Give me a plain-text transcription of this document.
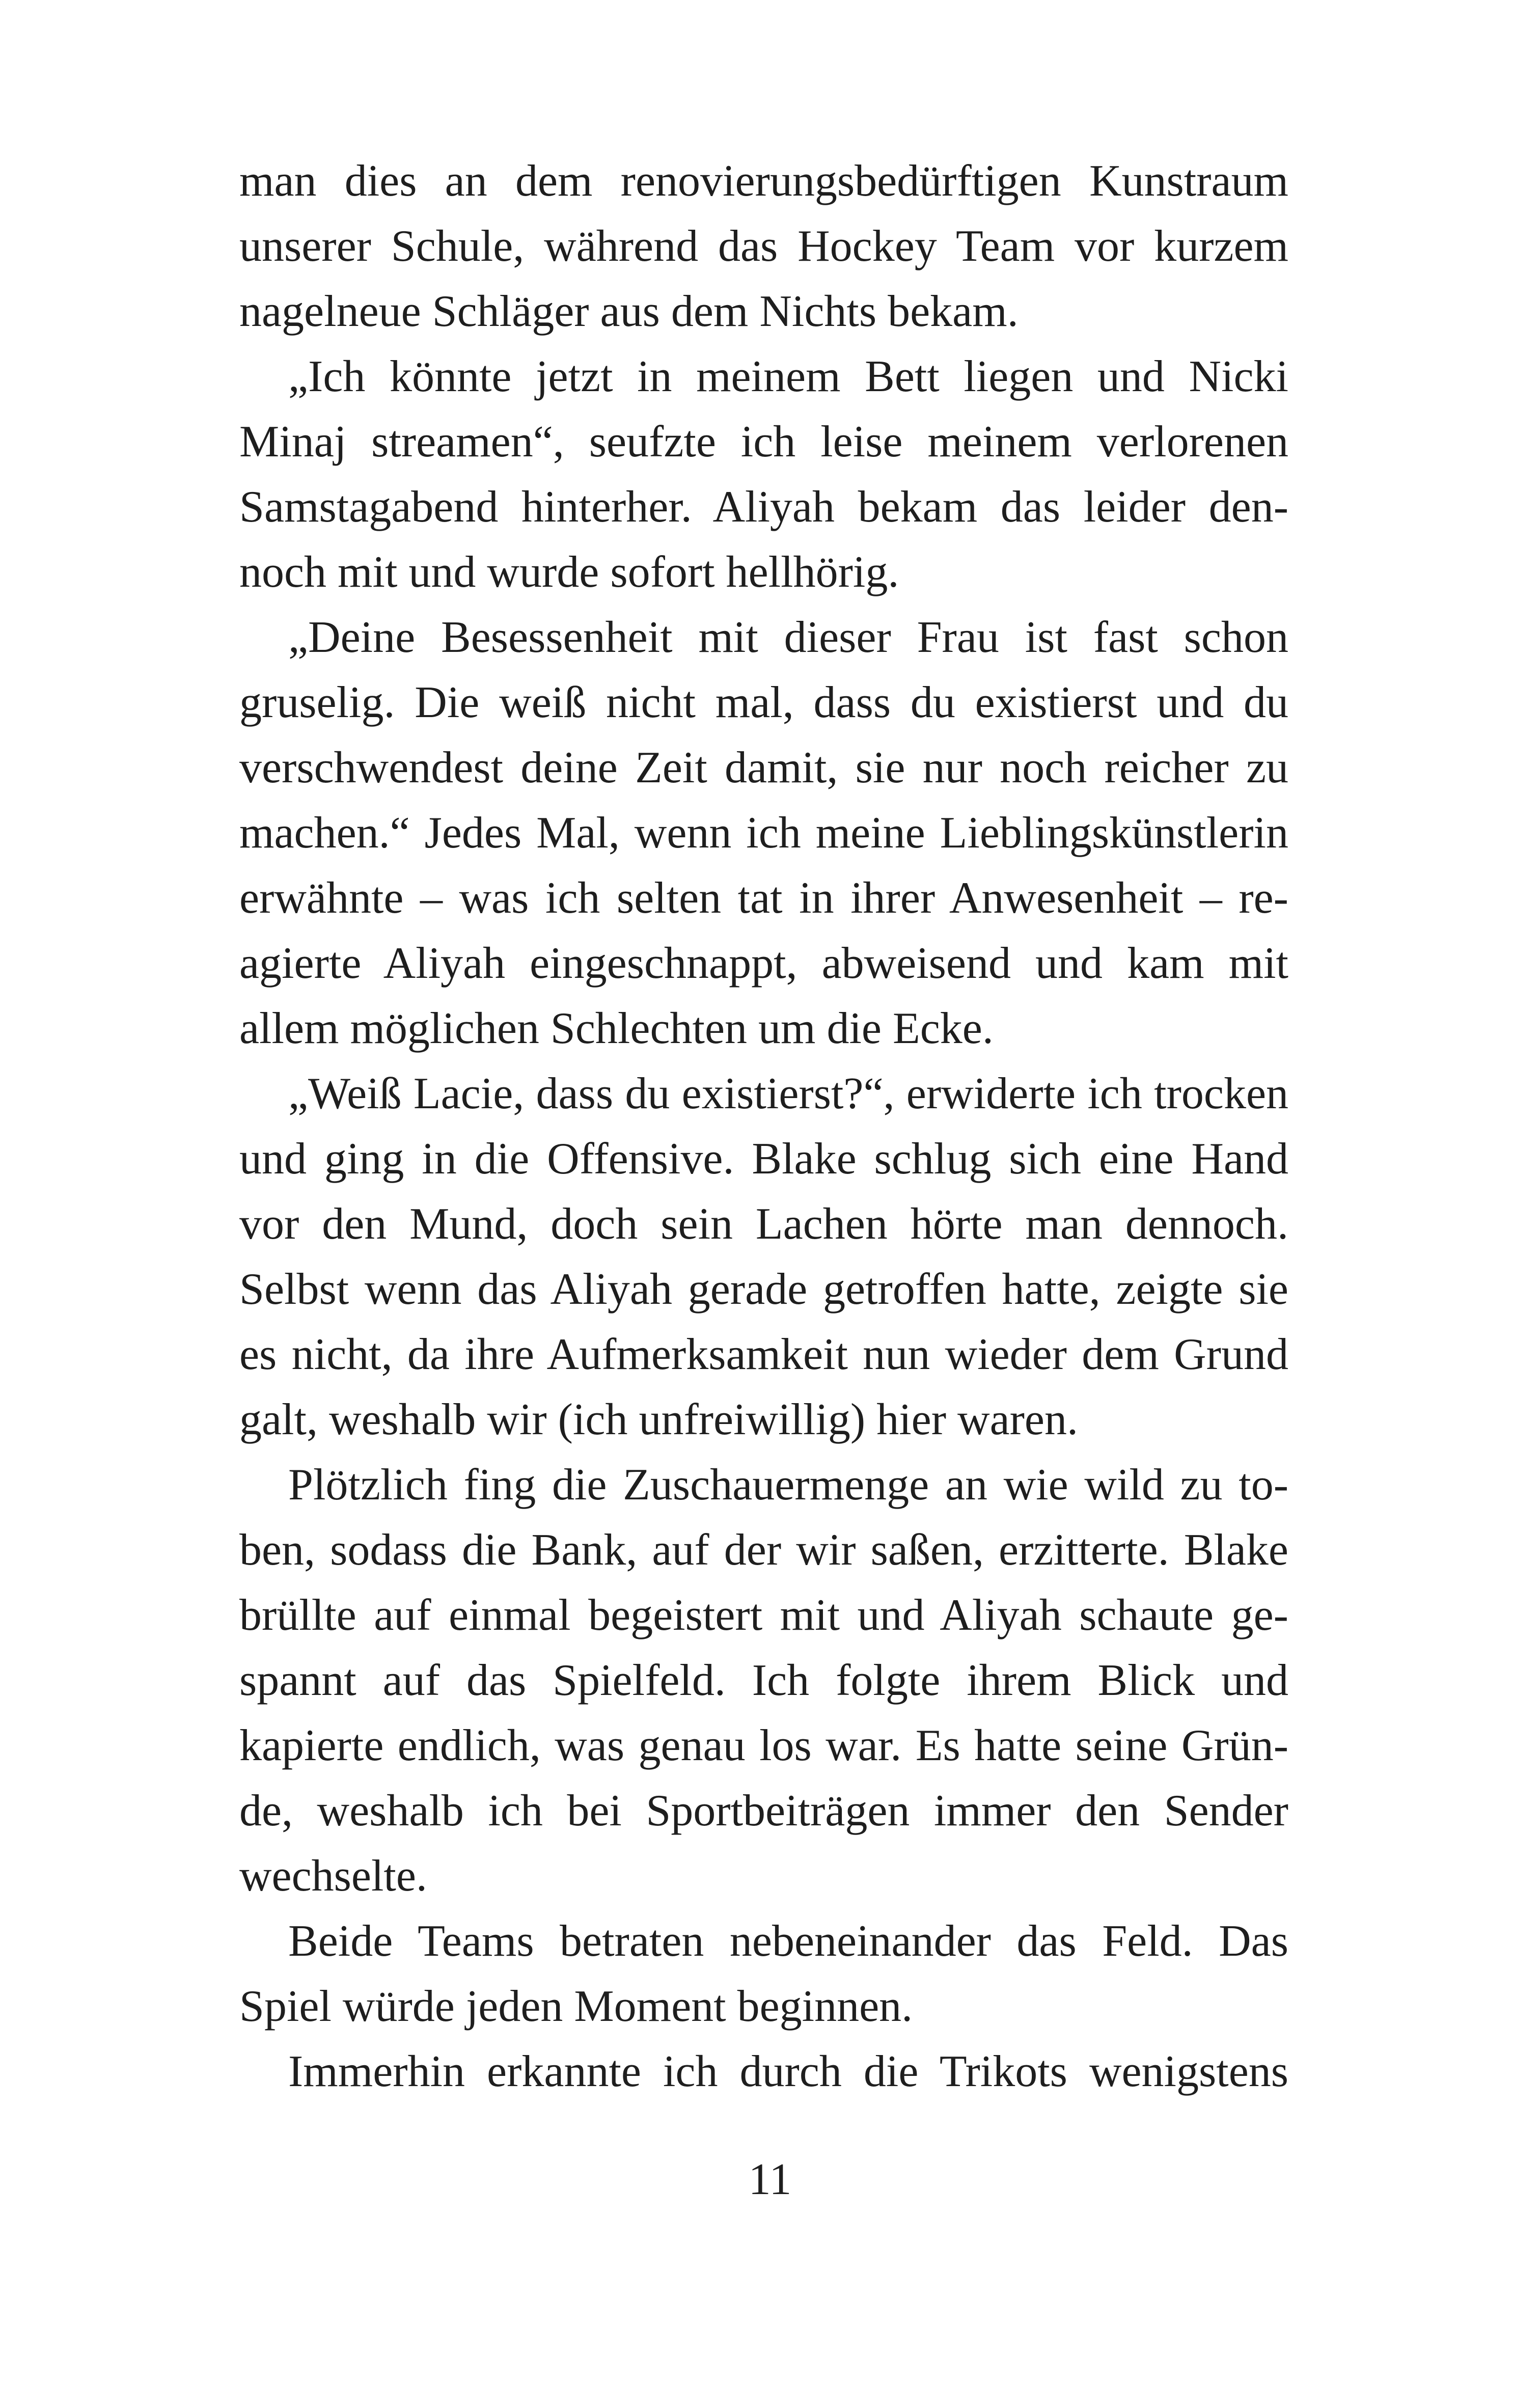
man dies an dem renovierungsbedürftigen Kunstraum
unserer Schule, während das Hockey Team vor kurzem
nagelneue Schläger aus dem Nichts bekam.
„Ich könnte jetzt in meinem Bett liegen und Nicki
Minaj streamen“, seufzte ich leise meinem verlorenen
Samstagabend hinterher. Aliyah bekam das leider den-
noch mit und wurde sofort hellhörig.
„Deine Besessenheit mit dieser Frau ist fast schon
gruselig. Die weiß nicht mal, dass du existierst und du
verschwendest deine Zeit damit, sie nur noch reicher zu
machen.“ Jedes Mal, wenn ich meine Lieblingskünstlerin
erwähnte – was ich selten tat in ihrer Anwesenheit – re-
agierte Aliyah eingeschnappt, abweisend und kam mit
allem möglichen Schlechten um die Ecke.
„Weiß Lacie, dass du existierst?“, erwiderte ich trocken
und ging in die Offensive. Blake schlug sich eine Hand
vor den Mund, doch sein Lachen hörte man dennoch.
Selbst wenn das Aliyah gerade getroffen hatte, zeigte sie
es nicht, da ihre Aufmerksamkeit nun wieder dem Grund
galt, weshalb wir (ich unfreiwillig) hier waren.
Plötzlich fing die Zuschauermenge an wie wild zu to-
ben, sodass die Bank, auf der wir saßen, erzitterte. Blake
brüllte auf einmal begeistert mit und Aliyah schaute ge-
spannt auf das Spielfeld. Ich folgte ihrem Blick und
kapierte endlich, was genau los war. Es hatte seine Grün-
de, weshalb ich bei Sportbeiträgen immer den Sender
wechselte.
Beide Teams betraten nebeneinander das Feld. Das
Spiel würde jeden Moment beginnen.
Immerhin erkannte ich durch die Trikots wenigstens
11
